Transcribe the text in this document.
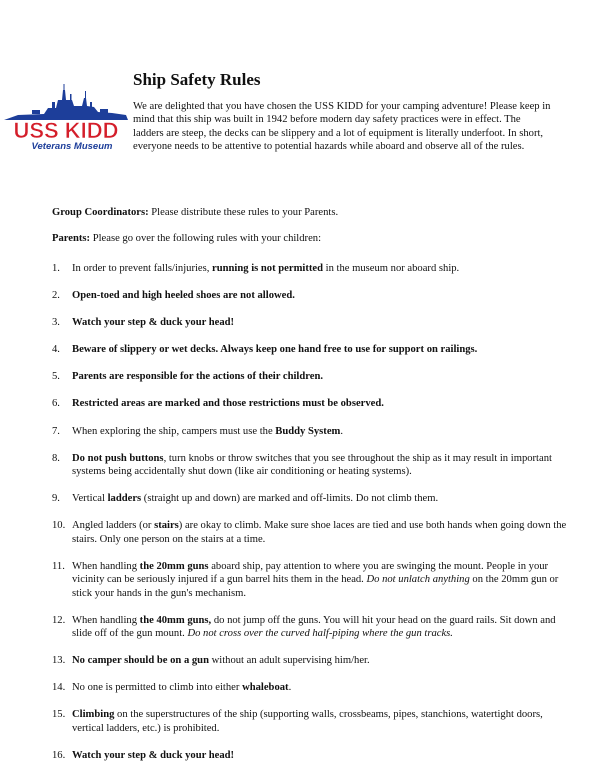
USS KIDD
Veterans Museum
Ship Safety Rules

We are delighted that you have chosen the USS KIDD for your camping adventure! Please keep in mind that this ship was built in 1942 before modern day safety practices were in effect. The ladders are steep, the decks can be slippery and a lot of equipment is literally underfoot. In short, everyone needs to be attentive to potential hazards while aboard and observe all of the rules.

Group Coordinators: Please distribute these rules to your Parents.

Parents: Please go over the following rules with your children:

1. In order to prevent falls/injuries, running is not permitted in the museum nor aboard ship.
2. Open-toed and high heeled shoes are not allowed.
3. Watch your step & duck your head!
4. Beware of slippery or wet decks. Always keep one hand free to use for support on railings.
5. Parents are responsible for the actions of their children.
6. Restricted areas are marked and those restrictions must be observed.
7. When exploring the ship, campers must use the Buddy System.
8. Do not push buttons, turn knobs or throw switches that you see throughout the ship as it may result in important systems being accidentally shut down (like air conditioning or heating systems).
9. Vertical ladders (straight up and down) are marked and off-limits. Do not climb them.
10. Angled ladders (or stairs) are okay to climb. Make sure shoe laces are tied and use both hands when going down the stairs. Only one person on the stairs at a time.
11. When handling the 20mm guns aboard ship, pay attention to where you are swinging the mount. People in your vicinity can be seriously injured if a gun barrel hits them in the head. Do not unlatch anything on the 20mm gun or stick your hands in the gun's mechanism.
12. When handling the 40mm guns, do not jump off the guns. You will hit your head on the guard rails. Sit down and slide off of the gun mount. Do not cross over the curved half-piping where the gun tracks.
13. No camper should be on a gun without an adult supervising him/her.
14. No one is permitted to climb into either whaleboat.
15. Climbing on the superstructures of the ship (supporting walls, crossbeams, pipes, stanchions, watertight doors, vertical ladders, etc.) is prohibited.
16. Watch your step & duck your head!
